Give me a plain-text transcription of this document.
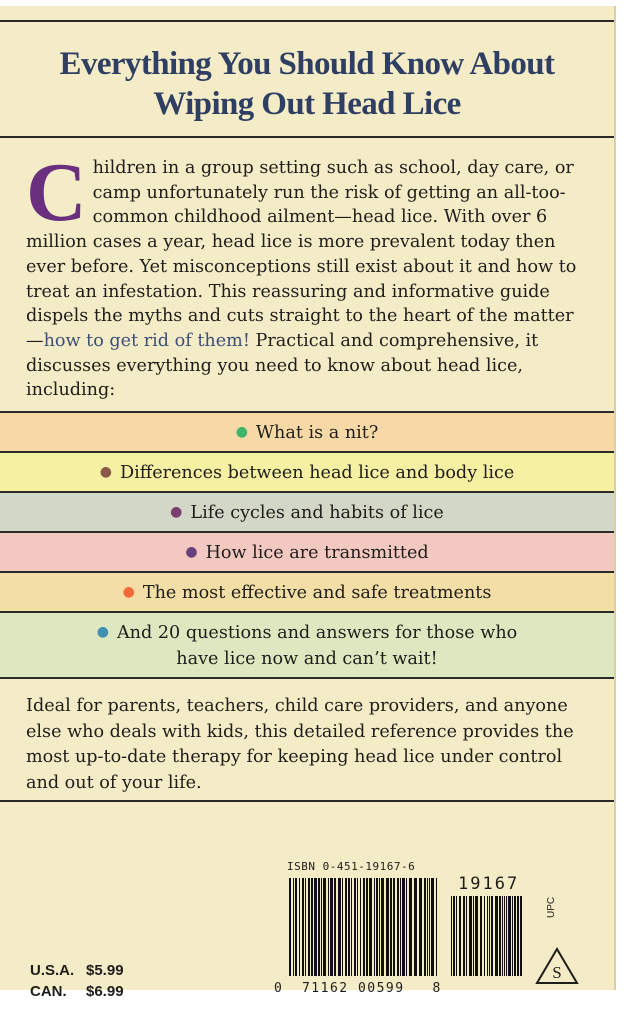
Everything You Should Know About
Wiping Out Head Lice
Children in a group setting such as school, day care, or camp unfortunately run the risk of getting an all-too-common childhood ailment—head lice. With over 6 million cases a year, head lice is more prevalent today then ever before. Yet misconceptions still exist about it and how to treat an infestation. This reassuring and informative guide dispels the myths and cuts straight to the heart of the matter—how to get rid of them! Practical and comprehensive, it discusses everything you need to know about head lice, including:
● What is a nit?
● Differences between head lice and body lice
● Life cycles and habits of lice
● How lice are transmitted
● The most effective and safe treatments
● And 20 questions and answers for those who
have lice now and can’t wait!
Ideal for parents, teachers, child care providers, and anyone else who deals with kids, this detailed reference provides the most up-to-date therapy for keeping head lice under control and out of your life.
ISBN 0-451-19167-6
19167
0  71162 00599   8
UPC
S
U.S.A. $5.99
CAN. $6.99
